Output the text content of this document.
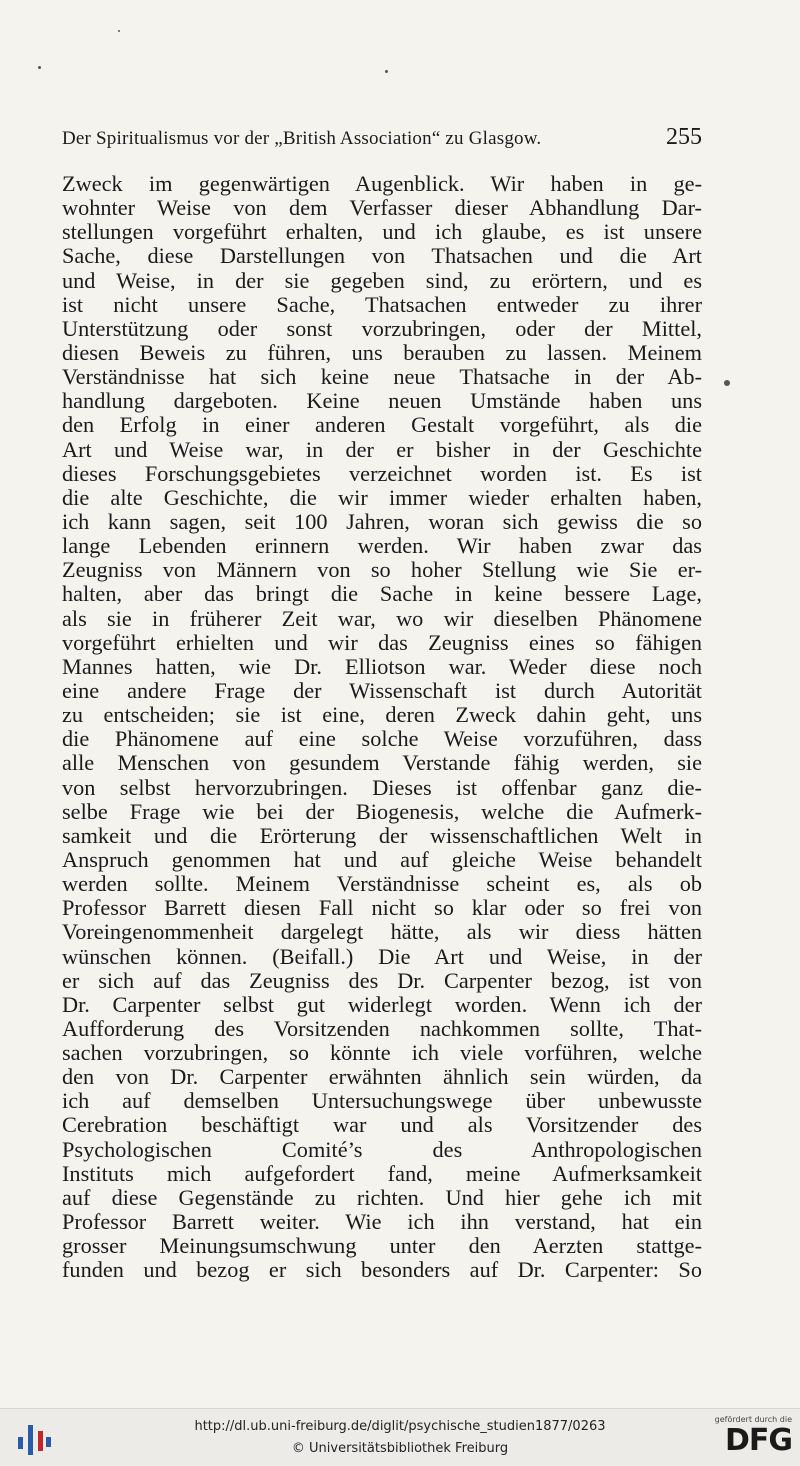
Der Spiritualismus vor der „British Association“ zu Glasgow.	255
Zweck im gegenwärtigen Augenblick. Wir haben in ge-
wohnter Weise von dem Verfasser dieser Abhandlung Dar-
stellungen vorgeführt erhalten, und ich glaube, es ist unsere
Sache, diese Darstellungen von Thatsachen und die Art
und Weise, in der sie gegeben sind, zu erörtern, und es
ist nicht unsere Sache, Thatsachen entweder zu ihrer
Unterstützung oder sonst vorzubringen, oder der Mittel,
diesen Beweis zu führen, uns berauben zu lassen. Meinem
Verständnisse hat sich keine neue Thatsache in der Ab-
handlung dargeboten. Keine neuen Umstände haben uns
den Erfolg in einer anderen Gestalt vorgeführt, als die
Art und Weise war, in der er bisher in der Geschichte
dieses Forschungsgebietes verzeichnet worden ist. Es ist
die alte Geschichte, die wir immer wieder erhalten haben,
ich kann sagen, seit 100 Jahren, woran sich gewiss die so
lange Lebenden erinnern werden. Wir haben zwar das
Zeugniss von Männern von so hoher Stellung wie Sie er-
halten, aber das bringt die Sache in keine bessere Lage,
als sie in früherer Zeit war, wo wir dieselben Phänomene
vorgeführt erhielten und wir das Zeugniss eines so fähigen
Mannes hatten, wie Dr. Elliotson war. Weder diese noch
eine andere Frage der Wissenschaft ist durch Autorität
zu entscheiden; sie ist eine, deren Zweck dahin geht, uns
die Phänomene auf eine solche Weise vorzuführen, dass
alle Menschen von gesundem Verstande fähig werden, sie
von selbst hervorzubringen. Dieses ist offenbar ganz die-
selbe Frage wie bei der Biogenesis, welche die Aufmerk-
samkeit und die Erörterung der wissenschaftlichen Welt in
Anspruch genommen hat und auf gleiche Weise behandelt
werden sollte. Meinem Verständnisse scheint es, als ob
Professor Barrett diesen Fall nicht so klar oder so frei von
Voreingenommenheit dargelegt hätte, als wir diess hätten
wünschen können. (Beifall.) Die Art und Weise, in der
er sich auf das Zeugniss des Dr. Carpenter bezog, ist von
Dr. Carpenter selbst gut widerlegt worden. Wenn ich der
Aufforderung des Vorsitzenden nachkommen sollte, That-
sachen vorzubringen, so könnte ich viele vorführen, welche
den von Dr. Carpenter erwähnten ähnlich sein würden, da
ich auf demselben Untersuchungswege über unbewusste
Cerebration beschäftigt war und als Vorsitzender des
Psychologischen Comité’s des Anthropologischen
Instituts mich aufgefordert fand, meine Aufmerksamkeit
auf diese Gegenstände zu richten. Und hier gehe ich mit
Professor Barrett weiter. Wie ich ihn verstand, hat ein
grosser Meinungsumschwung unter den Aerzten stattge-
funden und bezog er sich besonders auf Dr. Carpenter: So
http://dl.ub.uni-freiburg.de/diglit/psychische_studien1877/0263
© Universitätsbibliothek Freiburg
gefördert durch die
DFG
